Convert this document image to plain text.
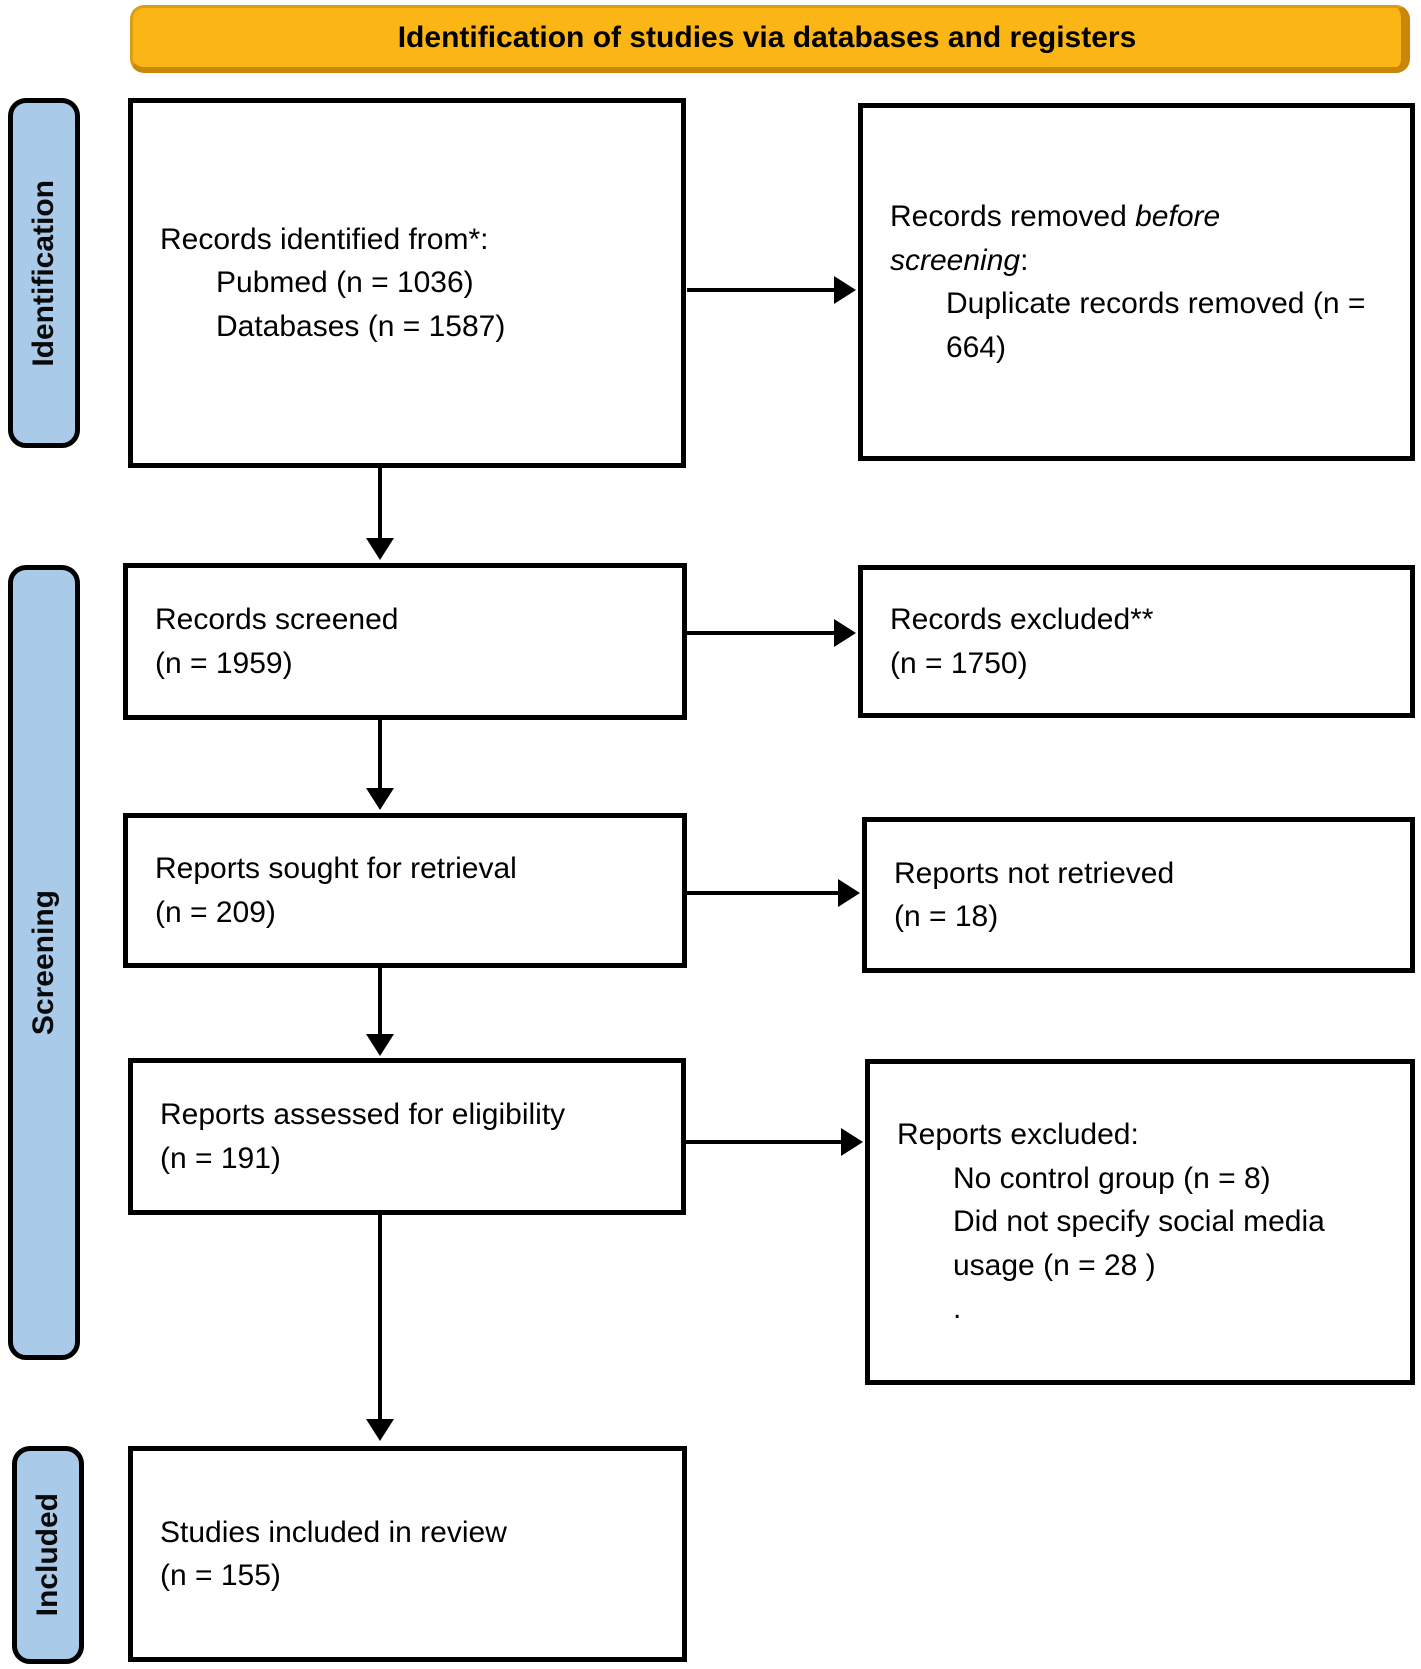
Identification of studies via databases and registers
Identification
Screening
Included
Records identified from*:
Pubmed (n = 1036)
Databases (n = 1587)
Records removed before screening:
Duplicate records removed (n = 664)
Records screened
(n = 1959)
Records excluded**
(n = 1750)
Reports sought for retrieval
(n = 209)
Reports not retrieved
(n = 18)
Reports assessed for eligibility
(n = 191)
Reports excluded:
No control group (n = 8)
Did not specify social media usage (n = 28 )
.
Studies included in review
(n = 155)
